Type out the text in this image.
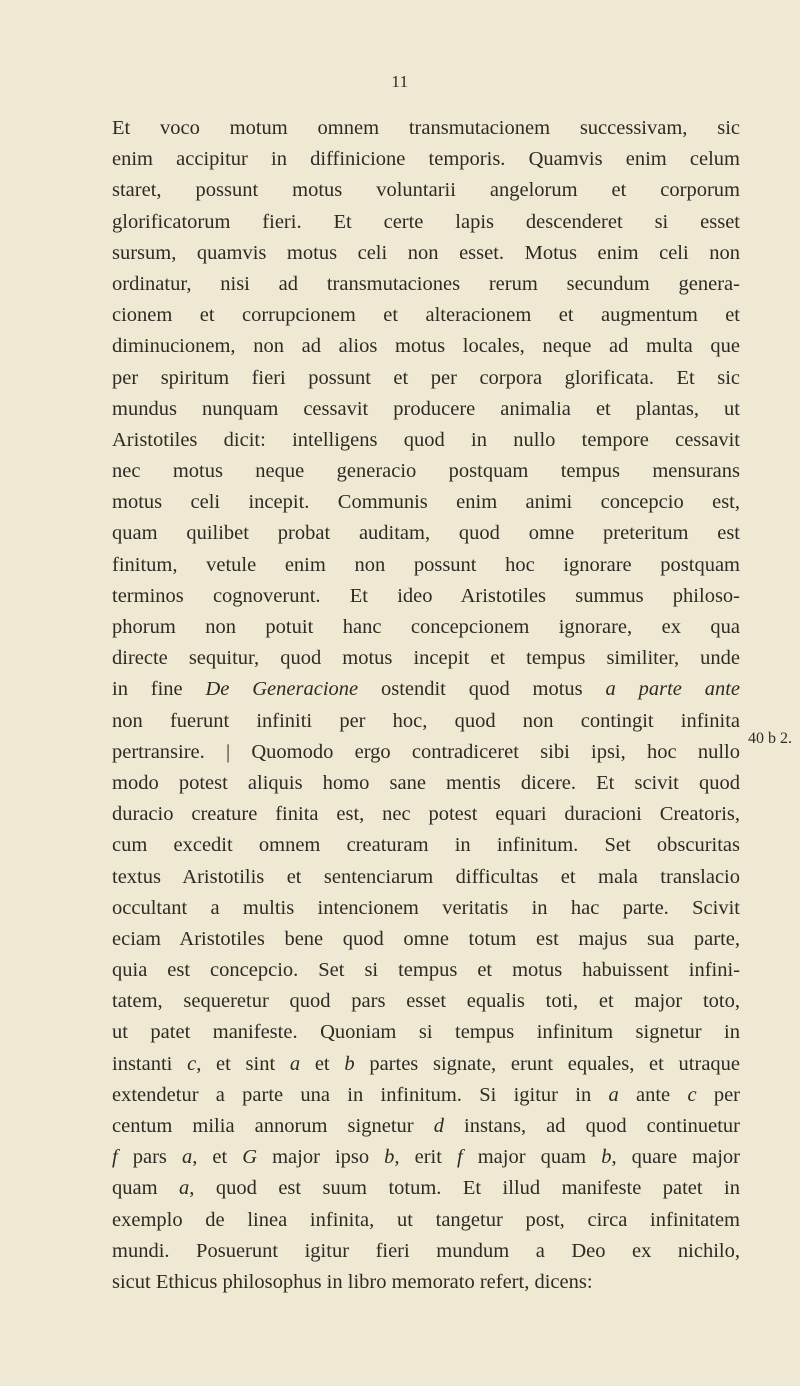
11
Et voco motum omnem transmutacionem successivam, sic
enim accipitur in diffinicione temporis. Quamvis enim celum
staret, possunt motus voluntarii angelorum et corporum
glorificatorum fieri. Et certe lapis descenderet si esset
sursum, quamvis motus celi non esset. Motus enim celi non
ordinatur, nisi ad transmutaciones rerum secundum genera-
cionem et corrupcionem et alteracionem et augmentum et
diminucionem, non ad alios motus locales, neque ad multa que
per spiritum fieri possunt et per corpora glorificata. Et sic
mundus nunquam cessavit producere animalia et plantas, ut
Aristotiles dicit: intelligens quod in nullo tempore cessavit
nec motus neque generacio postquam tempus mensurans
motus celi incepit. Communis enim animi concepcio est,
quam quilibet probat auditam, quod omne preteritum est
finitum, vetule enim non possunt hoc ignorare postquam
terminos cognoverunt. Et ideo Aristotiles summus philoso-
phorum non potuit hanc concepcionem ignorare, ex qua
directe sequitur, quod motus incepit et tempus similiter, unde
in fine De Generacione ostendit quod motus a parte ante
non fuerunt infiniti per hoc, quod non contingit infinita
pertransire. | Quomodo ergo contradiceret sibi ipsi, hoc nullo
modo potest aliquis homo sane mentis dicere. Et scivit quod
duracio creature finita est, nec potest equari duracioni Creatoris,
cum excedit omnem creaturam in infinitum. Set obscuritas
textus Aristotilis et sentenciarum difficultas et mala translacio
occultant a multis intencionem veritatis in hac parte. Scivit
eciam Aristotiles bene quod omne totum est majus sua parte,
quia est concepcio. Set si tempus et motus habuissent infini-
tatem, sequeretur quod pars esset equalis toti, et major toto,
ut patet manifeste. Quoniam si tempus infinitum signetur in
instanti c, et sint a et b partes signate, erunt equales, et utraque
extendetur a parte una in infinitum. Si igitur in a ante c per
centum milia annorum signetur d instans, ad quod continuetur
f pars a, et G major ipso b, erit f major quam b, quare major
quam a, quod est suum totum. Et illud manifeste patet in
exemplo de linea infinita, ut tangetur post, circa infinitatem
mundi. Posuerunt igitur fieri mundum a Deo ex nichilo,
sicut Ethicus philosophus in libro memorato refert, dicens:
40 b 2.
